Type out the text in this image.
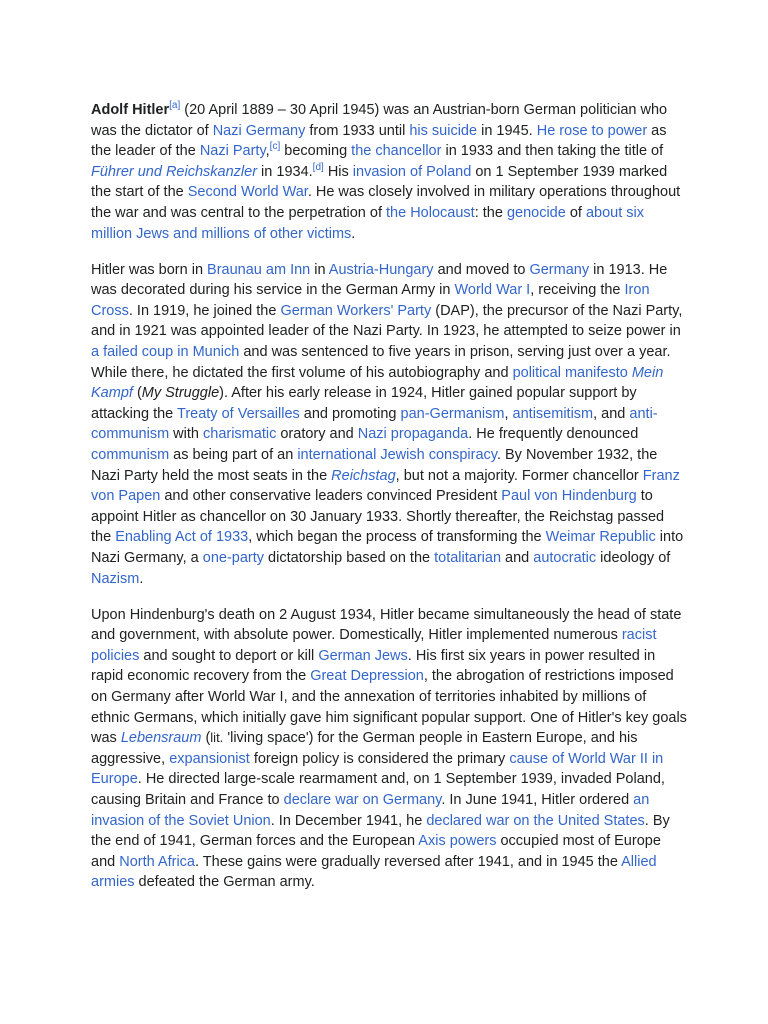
Adolf Hitler[a] (20 April 1889 – 30 April 1945) was an Austrian-born German politician who was the dictator of Nazi Germany from 1933 until his suicide in 1945. He rose to power as the leader of the Nazi Party,[c] becoming the chancellor in 1933 and then taking the title of Führer und Reichskanzler in 1934.[d] His invasion of Poland on 1 September 1939 marked the start of the Second World War. He was closely involved in military operations throughout the war and was central to the perpetration of the Holocaust: the genocide of about six million Jews and millions of other victims.

Hitler was born in Braunau am Inn in Austria-Hungary and moved to Germany in 1913. He was decorated during his service in the German Army in World War I, receiving the Iron Cross. In 1919, he joined the German Workers' Party (DAP), the precursor of the Nazi Party, and in 1921 was appointed leader of the Nazi Party. In 1923, he attempted to seize power in a failed coup in Munich and was sentenced to five years in prison, serving just over a year. While there, he dictated the first volume of his autobiography and political manifesto Mein Kampf (My Struggle). After his early release in 1924, Hitler gained popular support by attacking the Treaty of Versailles and promoting pan-Germanism, antisemitism, and anti-communism with charismatic oratory and Nazi propaganda. He frequently denounced communism as being part of an international Jewish conspiracy. By November 1932, the Nazi Party held the most seats in the Reichstag, but not a majority. Former chancellor Franz von Papen and other conservative leaders convinced President Paul von Hindenburg to appoint Hitler as chancellor on 30 January 1933. Shortly thereafter, the Reichstag passed the Enabling Act of 1933, which began the process of transforming the Weimar Republic into Nazi Germany, a one-party dictatorship based on the totalitarian and autocratic ideology of Nazism.

Upon Hindenburg's death on 2 August 1934, Hitler became simultaneously the head of state and government, with absolute power. Domestically, Hitler implemented numerous racist policies and sought to deport or kill German Jews. His first six years in power resulted in rapid economic recovery from the Great Depression, the abrogation of restrictions imposed on Germany after World War I, and the annexation of territories inhabited by millions of ethnic Germans, which initially gave him significant popular support. One of Hitler's key goals was Lebensraum (lit. 'living space') for the German people in Eastern Europe, and his aggressive, expansionist foreign policy is considered the primary cause of World War II in Europe. He directed large-scale rearmament and, on 1 September 1939, invaded Poland, causing Britain and France to declare war on Germany. In June 1941, Hitler ordered an invasion of the Soviet Union. In December 1941, he declared war on the United States. By the end of 1941, German forces and the European Axis powers occupied most of Europe and North Africa. These gains were gradually reversed after 1941, and in 1945 the Allied armies defeated the German army.
